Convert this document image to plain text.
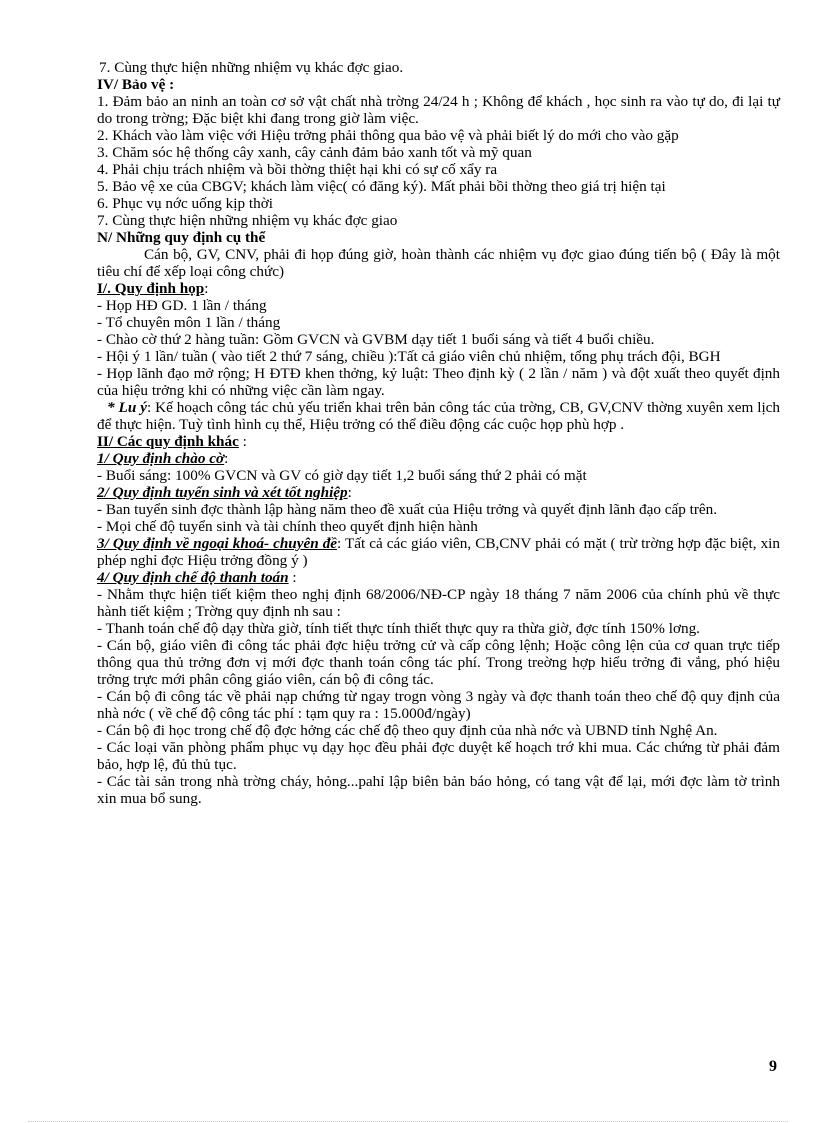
7. Cùng thực hiện những nhiệm vụ khác đợc giao.

IV/ Bảo vệ :

1. Đảm bảo an ninh an toàn cơ sở vật chất nhà trờng 24/24 h ; Không để khách , học sinh ra vào tự do, đi lại tự do trong trờng; Đặc biệt khi đang trong giờ làm việc.

2. Khách vào làm việc với Hiệu trởng phải thông qua bảo vệ và phải biết lý do mới cho vào gặp

3. Chăm sóc hệ thống cây xanh, cây cảnh đảm bảo xanh tốt và mỹ quan

4. Phải chịu trách nhiệm và bồi thờng thiệt hại khi có sự cố xẩy ra

5. Bảo vệ xe của CBGV; khách làm việc( có đăng ký). Mất phải bồi thờng theo giá trị hiện tại

6. Phục vụ nớc uống kịp thời

7. Cùng thực hiện những nhiệm vụ khác đợc giao

N/ Những quy định cụ thể

Cán bộ, GV, CNV, phải đi họp đúng giờ, hoàn thành các nhiệm vụ đợc giao đúng tiến bộ ( Đây là một tiêu chí để xếp loại công chức)

I/. Quy định họp:

- Họp HĐ GD. 1 lần / tháng

- Tổ chuyên môn 1 lần / tháng

- Chào cờ thứ 2 hàng tuần: Gồm GVCN và GVBM dạy tiết 1 buổi sáng và tiết 4 buổi chiều.

- Hội ý 1 lần/ tuần ( vào tiết 2 thứ 7 sáng, chiều ):Tất cả giáo viên chủ nhiệm, tổng phụ trách đội, BGH

- Họp lãnh đạo mở rộng; H ĐTĐ khen thởng, kỷ luật: Theo định kỳ ( 2 lần / năm ) và đột xuất theo quyết định của hiệu trởng khi có những việc cần làm ngay.

* Lu ý: Kế hoạch công tác chủ yếu triển khai trên bản công tác của trờng, CB, GV,CNV thờng xuyên xem lịch để thực hiện. Tuỳ tình hình cụ thể, Hiệu trởng có thể điều động các cuộc họp phù hợp .

II/ Các quy định khác :

1/ Quy định chào cờ:

- Buổi sáng: 100% GVCN và GV có giờ dạy tiết 1,2 buổi sáng thứ 2 phải có mặt

2/ Quy định tuyển sinh và xét tốt nghiệp:

- Ban tuyển sinh đợc thành lập hàng năm theo đề xuất của Hiệu trởng và quyết định lãnh đạo cấp trên.

- Mọi chế độ tuyển sinh và tài chính theo quyết định hiện hành

3/ Quy định về ngoại khoá- chuyên đề: Tất cả các giáo viên, CB,CNV phải có mặt ( trừ trờng hợp đặc biệt, xin phép nghỉ đợc Hiệu trởng đồng ý )

4/ Quy định chế độ thanh toán :

- Nhằm thực hiện tiết kiệm theo nghị định 68/2006/NĐ-CP ngày 18 tháng 7 năm 2006 của chính phủ về thực hành tiết kiệm ; Trờng quy định nh sau :

- Thanh toán chế độ dạy thừa giờ, tính tiết thực tính thiết thực quy ra thừa giờ, đợc tính 150% lơng.

- Cán bộ, giáo viên đi công tác phải đợc hiệu trởng cử và cấp công lệnh; Hoặc công lện của cơ quan trực tiếp thông qua thủ trởng đơn vị mới đợc thanh toán công tác phí. Trong treờng hợp hiểu trởng đi vắng, phó hiệu trởng trực mới phân công giáo viên, cán bộ đi công tác.

- Cán bộ đi công tác về phải nạp chứng từ ngay trogn vòng 3 ngày và đợc thanh toán theo chế độ quy định của nhà nớc ( về chế độ công tác phí : tạm quy ra : 15.000đ/ngày)

- Cán bộ đi học trong chế độ đợc hởng các chế độ theo quy định của nhà nớc và UBND tỉnh Nghệ An.

- Các loại văn phòng phẩm phục vụ dạy học đều phải đợc duyệt kế hoạch trớ khi mua. Các chứng từ phải đảm bảo, hợp lệ, đủ thủ tục.

- Các tài sản trong nhà trờng cháy, hỏng...pahỉ lập biên bản báo hỏng, có tang vật để lại, mới đợc làm tờ trình xin mua bổ sung.

9
